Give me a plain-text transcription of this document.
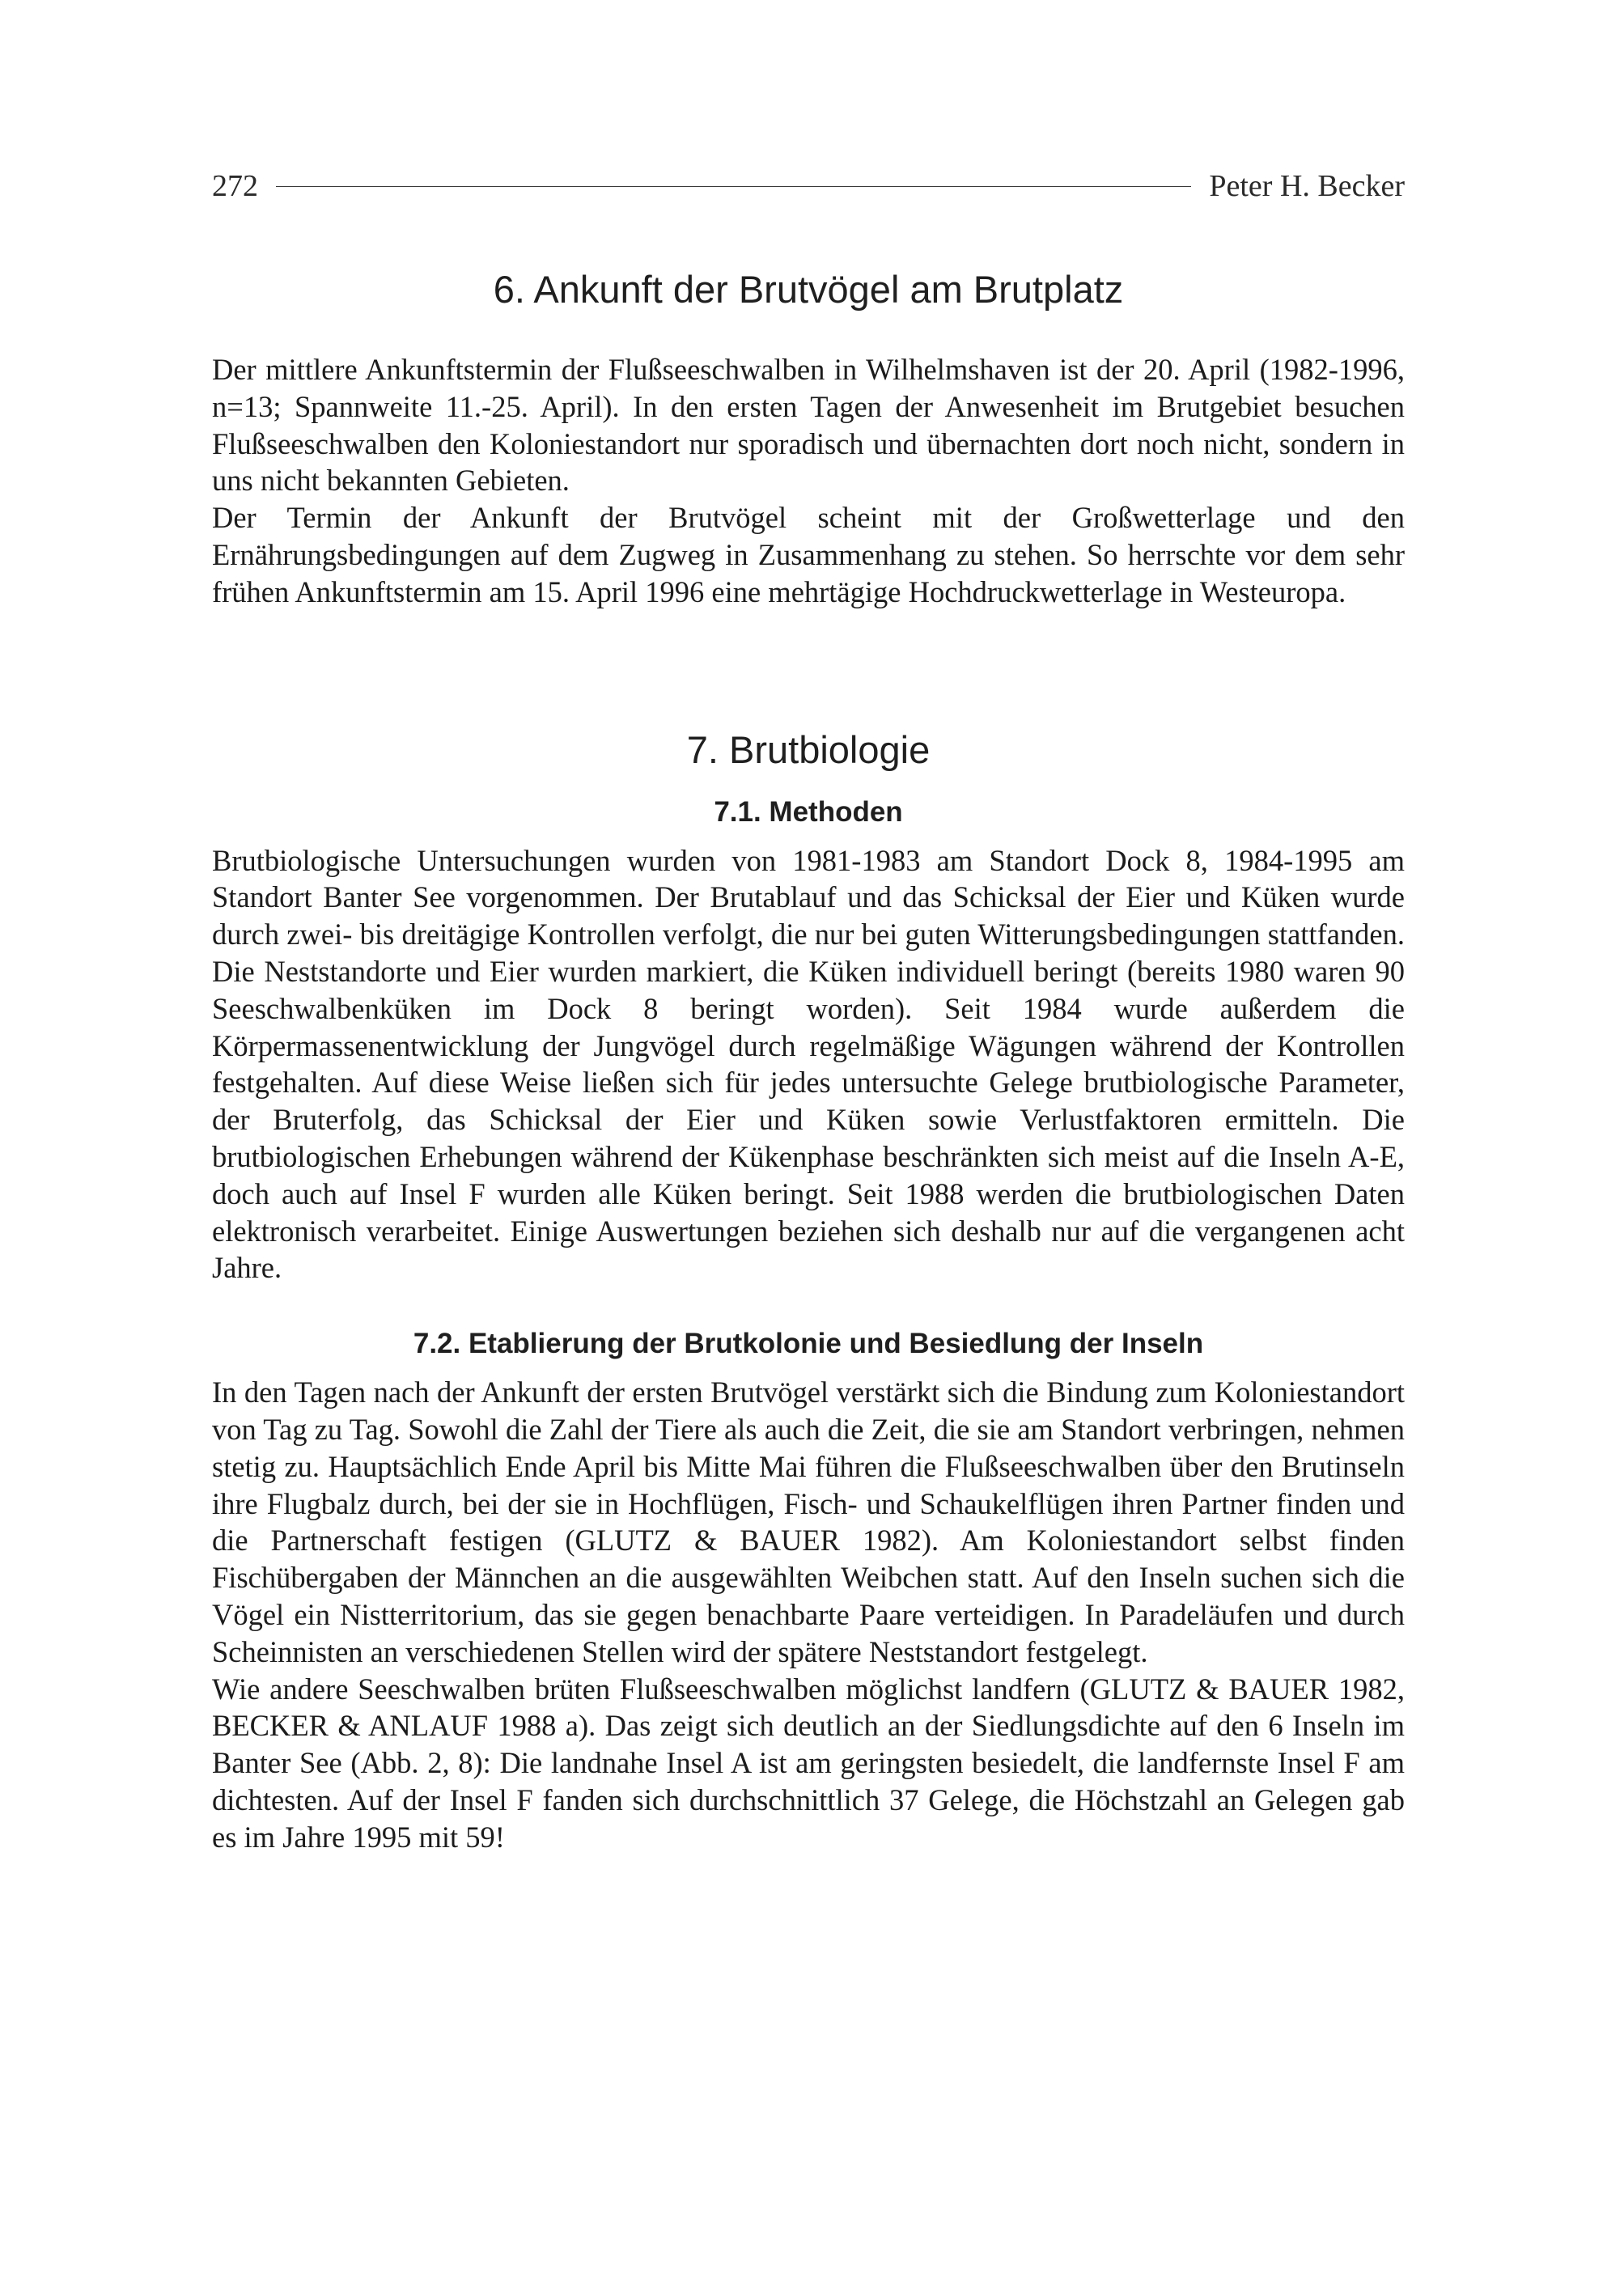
272	Peter H. Becker
6. Ankunft der Brutvögel am Brutplatz

Der mittlere Ankunftstermin der Flußseeschwalben in Wilhelmshaven ist der 20. April (1982-1996, n=13; Spannweite 11.-25. April). In den ersten Tagen der Anwesenheit im Brutgebiet besuchen Flußseeschwalben den Koloniestandort nur sporadisch und übernachten dort noch nicht, sondern in uns nicht bekannten Gebieten.

Der Termin der Ankunft der Brutvögel scheint mit der Großwetterlage und den Ernährungsbedingungen auf dem Zugweg in Zusammenhang zu stehen. So herrschte vor dem sehr frühen Ankunftstermin am 15. April 1996 eine mehrtägige Hochdruckwetterlage in Westeuropa.

7. Brutbiologie
7.1. Methoden

Brutbiologische Untersuchungen wurden von 1981-1983 am Standort Dock 8, 1984-1995 am Standort Banter See vorgenommen. Der Brutablauf und das Schicksal der Eier und Küken wurde durch zwei- bis dreitägige Kontrollen verfolgt, die nur bei guten Witterungsbedingungen stattfanden. Die Neststandorte und Eier wurden markiert, die Küken individuell beringt (bereits 1980 waren 90 Seeschwalbenküken im Dock 8 beringt worden). Seit 1984 wurde außerdem die Körpermassenentwicklung der Jungvögel durch regelmäßige Wägungen während der Kontrollen festgehalten. Auf diese Weise ließen sich für jedes untersuchte Gelege brutbiologische Parameter, der Bruterfolg, das Schicksal der Eier und Küken sowie Verlustfaktoren ermitteln. Die brutbiologischen Erhebungen während der Kükenphase beschränkten sich meist auf die Inseln A-E, doch auch auf Insel F wurden alle Küken beringt. Seit 1988 werden die brutbiologischen Daten elektronisch verarbeitet. Einige Auswertungen beziehen sich deshalb nur auf die vergangenen acht Jahre.

7.2. Etablierung der Brutkolonie und Besiedlung der Inseln

In den Tagen nach der Ankunft der ersten Brutvögel verstärkt sich die Bindung zum Koloniestandort von Tag zu Tag. Sowohl die Zahl der Tiere als auch die Zeit, die sie am Standort verbringen, nehmen stetig zu. Hauptsächlich Ende April bis Mitte Mai führen die Flußseeschwalben über den Brutinseln ihre Flugbalz durch, bei der sie in Hochflügen, Fisch- und Schaukelflügen ihren Partner finden und die Partnerschaft festigen (GLUTZ & BAUER 1982). Am Koloniestandort selbst finden Fischübergaben der Männchen an die ausgewählten Weibchen statt. Auf den Inseln suchen sich die Vögel ein Nistterritorium, das sie gegen benachbarte Paare verteidigen. In Paradeläufen und durch Scheinnisten an verschiedenen Stellen wird der spätere Neststandort festgelegt.

Wie andere Seeschwalben brüten Flußseeschwalben möglichst landfern (GLUTZ & BAUER 1982, BECKER & ANLAUF 1988 a). Das zeigt sich deutlich an der Siedlungsdichte auf den 6 Inseln im Banter See (Abb. 2, 8): Die landnahe Insel A ist am geringsten besiedelt, die landfernste Insel F am dichtesten. Auf der Insel F fanden sich durchschnittlich 37 Gelege, die Höchstzahl an Gelegen gab es im Jahre 1995 mit 59!
